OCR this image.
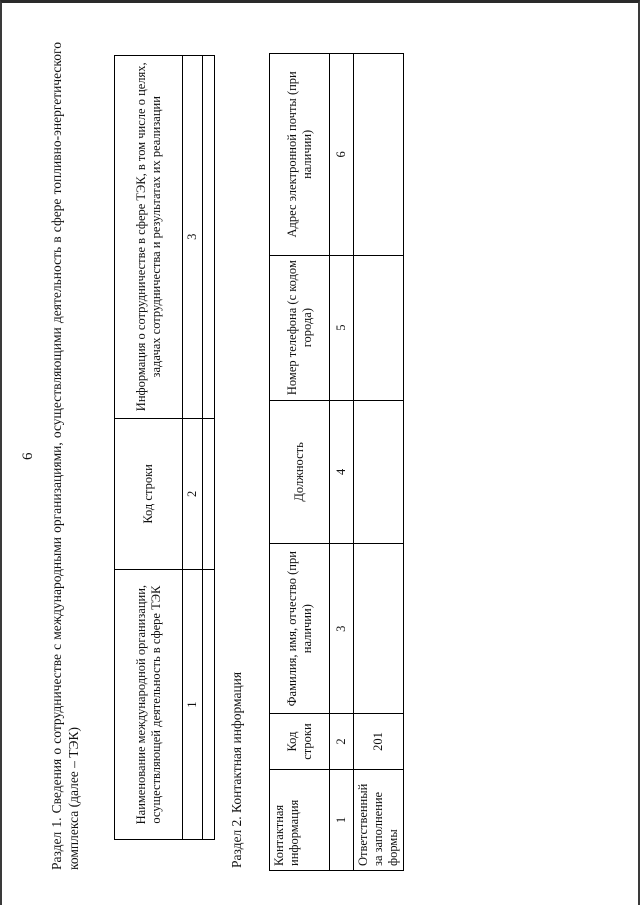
6 Раздел 1. Сведения о сотрудничестве с международными организациями, осуществляющими деятельность в сфере топливно-энергетического комплекса (далее – ТЭК)	Наименование международной организации, осуществляющей деятельность в сфере ТЭК	Код строки	Информация о сотрудничестве в сфере ТЭК, в том числе о целях, задачах сотрудничества и результатах их реализации
1	2	3

Раздел 2. Контактная информация Контактная информация	Код строки	Фамилия, имя, отчество (при наличии)	Должность	Номер телефона (с кодом города)	Адрес электронной почты (при наличии)
1	2	3	4	5	6
Ответственный за заполнение формы	201				
